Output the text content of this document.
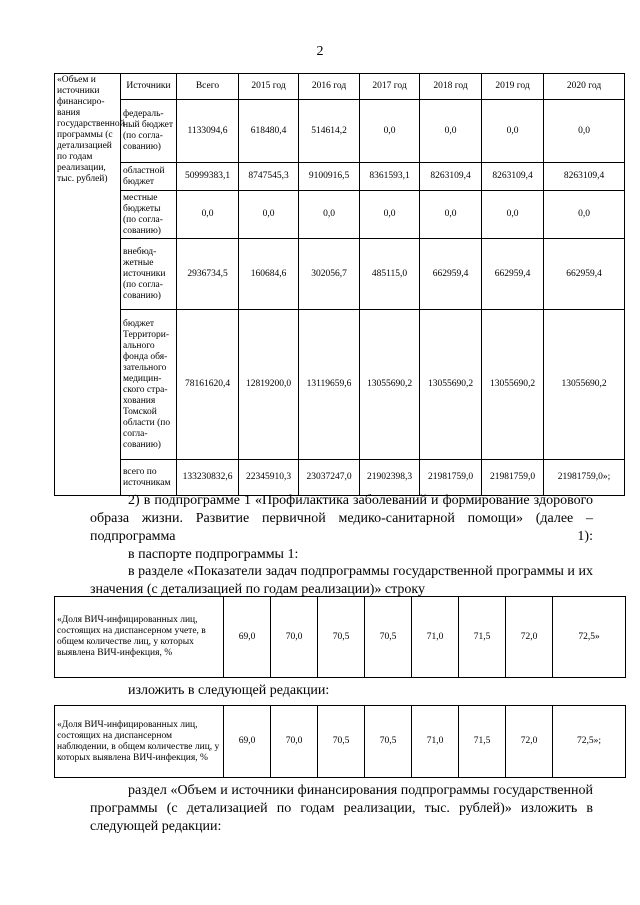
2
«Объем и источники финансиро-вания государственной программы (с детализацией по годам реализации, тыс. рублей)	Источники	Всего	2015 год	2016 год	2017 год	2018 год	2019 год	2020 год
	федераль-ный бюджет (по согла-сованию)	1133094,6	618480,4	514614,2	0,0	0,0	0,0	0,0
	областной бюджет	50999383,1	8747545,3	9100916,5	8361593,1	8263109,4	8263109,4	8263109,4
	местные бюджеты (по согла-сованию)	0,0	0,0	0,0	0,0	0,0	0,0	0,0
	внебюд-жетные источники (по согла-сованию)	2936734,5	160684,6	302056,7	485115,0	662959,4	662959,4	662959,4
	бюджет Территори-ального фонда обя-зательного медицин-ского стра-хования Томской области (по согла-сованию)	78161620,4	12819200,0	13119659,6	13055690,2	13055690,2	13055690,2	13055690,2
	всего по источникам	133230832,6	22345910,3	23037247,0	21902398,3	21981759,0	21981759,0	21981759,0»;
2) в подпрограмме 1 «Профилактика заболеваний и формирование здорового образа жизни. Развитие первичной медико-санитарной помощи» (далее – подпрограмма 1):
в паспорте подпрограммы 1:
в разделе «Показатели задач подпрограммы государственной программы и их значения (с детализацией по годам реализации)» строку
«Доля ВИЧ-инфицированных лиц, состоящих на диспансерном учете, в общем количестве лиц, у которых выявлена ВИЧ-инфекция, %	69,0	70,0	70,5	70,5	71,0	71,5	72,0	72,5»
изложить в следующей редакции:
«Доля ВИЧ-инфицированных лиц, состоящих на диспансерном наблюдении, в общем количестве лиц, у которых выявлена ВИЧ-инфекция, %	69,0	70,0	70,5	70,5	71,0	71,5	72,0	72,5»;
раздел «Объем и источники финансирования подпрограммы государственной программы (с детализацией по годам реализации, тыс. рублей)» изложить в следующей редакции:
